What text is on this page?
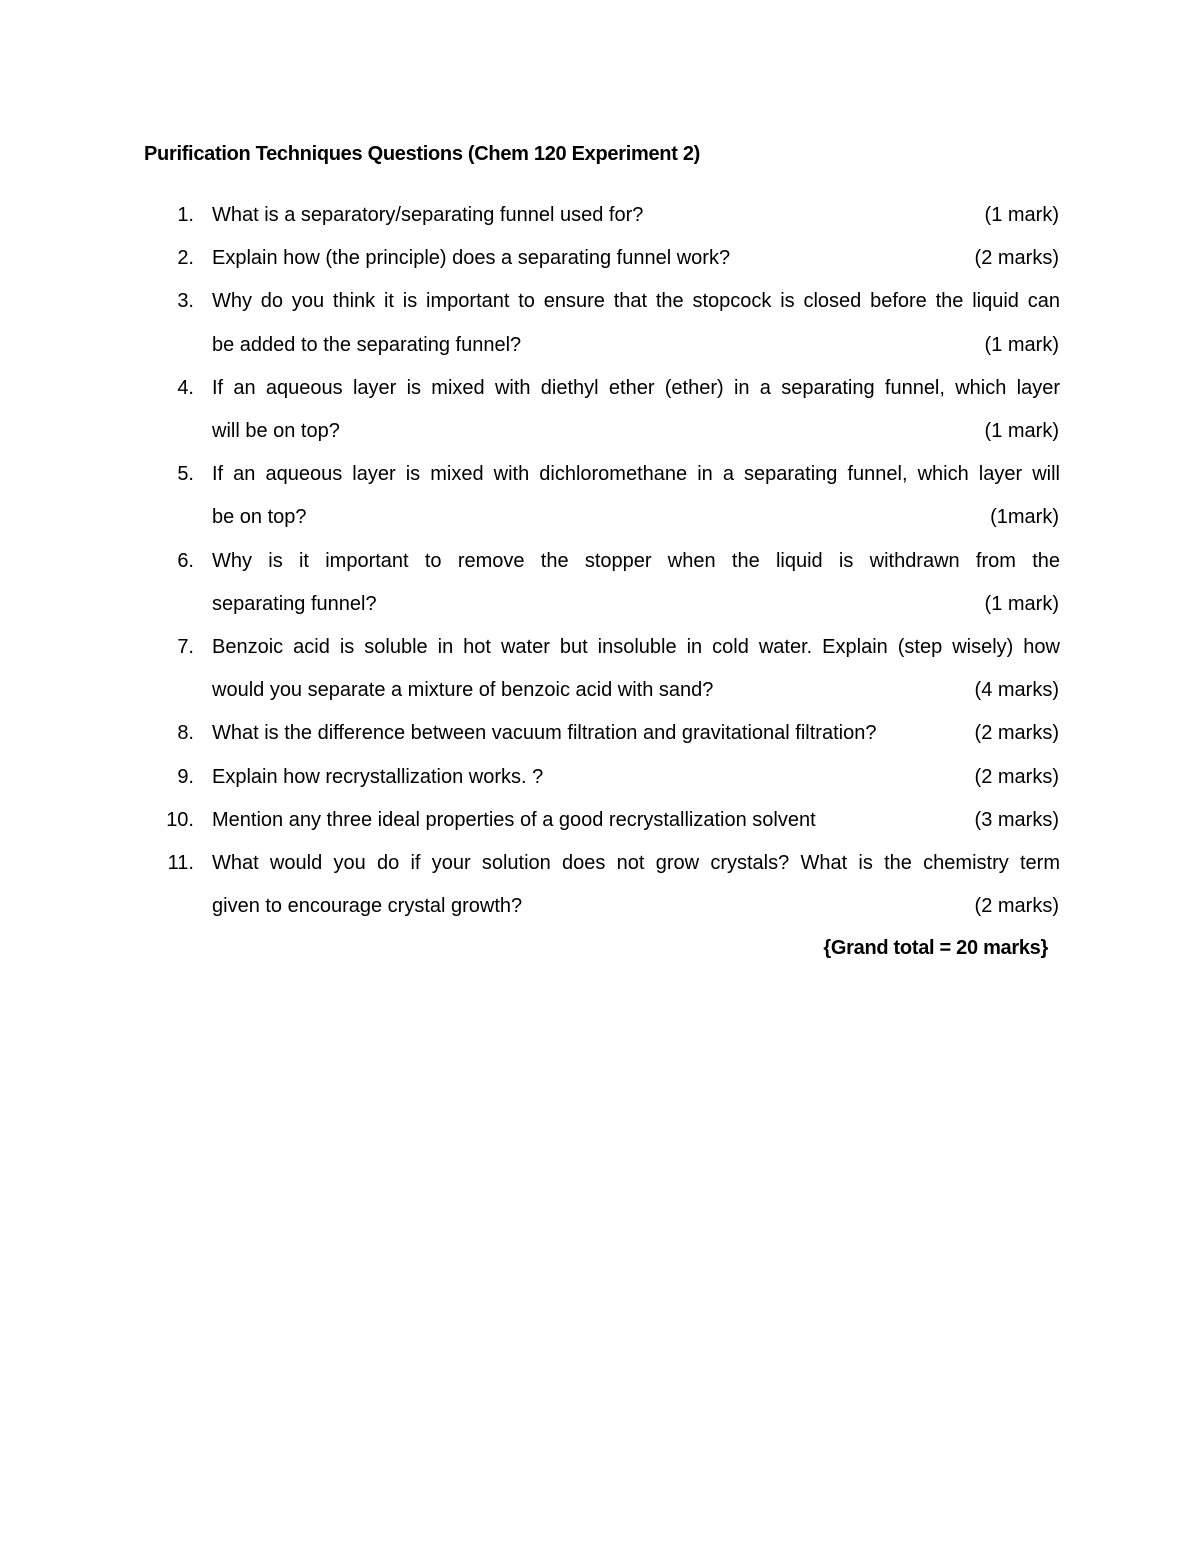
Purification Techniques Questions (Chem 120 Experiment 2)
1. What is a separatory/separating funnel used for?	(1 mark)
2. Explain how (the principle) does a separating funnel work?	(2 marks)
3. Why do you think it is important to ensure that the stopcock is closed before the liquid can
be added to the separating funnel?	(1 mark)
4. If an aqueous layer is mixed with diethyl ether (ether) in a separating funnel, which layer
will be on top?	(1 mark)
5. If an aqueous layer is mixed with dichloromethane in a separating funnel, which layer will
be on top?	(1mark)
6. Why is it important to remove the stopper when the liquid is withdrawn from the
separating funnel?	(1 mark)
7. Benzoic acid is soluble in hot water but insoluble in cold water. Explain (step wisely) how
would you separate a mixture of benzoic acid with sand?	(4 marks)
8. What is the difference between vacuum filtration and gravitational filtration?	(2 marks)
9. Explain how recrystallization works. ?	(2 marks)
10. Mention any three ideal properties of a good recrystallization solvent	(3 marks)
11. What would you do if your solution does not grow crystals? What is the chemistry term
given to encourage crystal growth?	(2 marks)
{Grand total = 20 marks}
